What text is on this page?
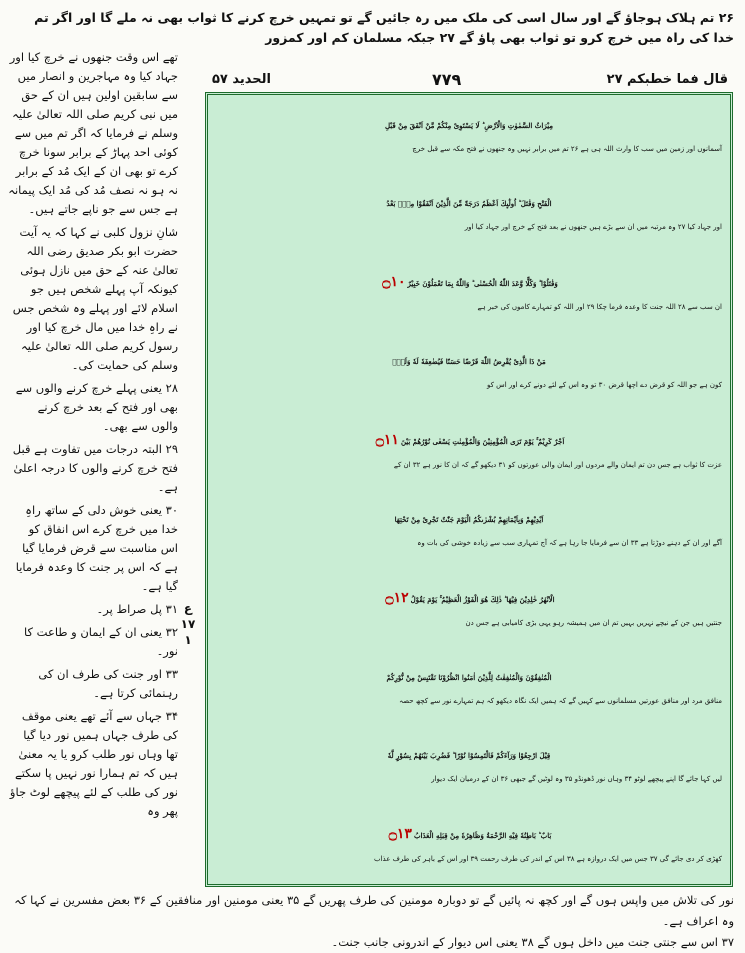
۲۶ تم ہلاک ہوجاؤ گے اور سال اسی کی ملک میں رہ جائیں گے تو تمہیں خرچ کرنے کا ثواب بھی نہ ملے گا اور اگر تم خدا کی راہ میں خرچ کرو تو ثواب بھی پاؤ گے ۲۷ جبکہ مسلمان کم اور کمزور
الحدید ۵۷	۷۷۹	قال فما خطبکم ۲۷

تھے اس وقت جنھوں نے خرچ کیا اور جہاد کیا وہ مہاجرین و انصار میں سے سابقین اولین ہیں ان کے حق میں نبی کریم صلی اللہ تعالیٰ علیہ وسلم نے فرمایا کہ اگر تم میں سے کوئی احد پہاڑ کے برابر سونا خرچ کرے تو بھی ان کے ایک مُد کے برابر نہ ہو نہ نصف مُد کی مُد ایک پیمانہ ہے جس سے جو ناپے جاتے ہیں۔

شانِ نزول کلبی نے کہا کہ یہ آیت حضرت ابو بکر صدیق رضی اللہ تعالیٰ عنہ کے حق میں نازل ہوئی کیونکہ آپ پہلے شخص ہیں جو اسلام لائے اور پہلے وہ شخص جس نے راہِ خدا میں مال خرچ کیا اور رسول کریم صلی اللہ تعالیٰ علیہ وسلم کی حمایت کی۔

۲۸ یعنی پہلے خرچ کرنے والوں سے بھی اور فتح کے بعد خرچ کرنے والوں سے بھی۔

۲۹ البتہ درجات میں تفاوت ہے قبل فتح خرچ کرنے والوں کا درجہ اعلیٰ ہے۔

۳۰ یعنی خوش دلی کے ساتھ راہِ خدا میں خرچ کرے اس انفاق کو اس مناسبت سے قرض فرمایا گیا ہے کہ اس پر جنت کا وعدہ فرمایا گیا ہے۔

۳۱ پل صراط پر۔

۳۲ یعنی ان کے ایمان و طاعت کا نور۔

۳۳ اور جنت کی طرف ان کی رہنمائی کرتا ہے۔

۳۴ جہاں سے آئے تھے یعنی موقف کی طرف جہاں ہمیں نور دیا گیا تھا وہاں نور طلب کرو یا یہ معنیٰ ہیں کہ تم ہمارا نور نہیں پا سکتے نور کی طلب کے لئے پیچھے لوٹ جاؤ پھر وہ

ع
۱۷
۱

مِیْرَاثُ السَّمٰوٰتِ وَالْاَرْضِ ؕ لَا یَسْتَوِیْ مِنْكُمْ مَّنْ اَنْفَقَ مِنْ قَبْلِ

آسمانوں اور زمین میں سب کا وارث اللہ ہی ہے ۲۶ تم میں برابر نہیں وہ جنھوں نے فتح مکہ سے قبل خرچ

الْفَتْحِ وَقٰتَلَ ؕ اُولٰٓىِٕكَ اَعْظَمُ دَرَجَةً مِّنَ الَّذِیْنَ اَنْفَقُوْا مِنْۢ بَعْدُ

اور جہاد کیا ۲۷ وہ مرتبہ میں ان سے بڑے ہیں جنھوں نے بعد فتح کے خرچ اور جہاد کیا اور

وَقٰتَلُوْا ؕ وَكُلًّا وَّعَدَ اللّٰهُ الْحُسْنٰى ؕ وَاللّٰهُ بِمَا تَعْمَلُوْنَ خَبِیْرٌ۝۱۰

ان سب سے ۲۸ اللہ جنت کا وعدہ فرما چکا ۲۹ اور اللہ کو تمہارے کاموں کی خبر ہے

مَنْ ذَا الَّذِیْ یُقْرِضُ اللّٰهَ قَرْضًا حَسَنًا فَیُضٰعِفَهٗ لَهٗ وَلَهٗۤ

کون ہے جو اللہ کو قرض دے اچھا قرض ۳۰ تو وہ اس کے لئے دونے کرے اور اس کو

اَجْرٌ كَرِیْمٌ ۚ یَوْمَ تَرَى الْمُؤْمِنِیْنَ وَالْمُؤْمِنٰتِ یَسْعٰى نُوْرُهُمْ بَیْنَ۝۱۱

عزت کا ثواب ہے جس دن تم ایمان والے مردوں اور ایمان والی عورتوں کو ۳۱ دیکھو گے کہ ان کا نور ہے ۳۲ ان کے

اَیْدِیْهِمْ وَبِاَیْمَانِهِمْ بُشْرٰىكُمُ الْیَوْمَ جَنّٰتٌ تَجْرِیْ مِنْ تَحْتِهَا

آگے اور ان کے دہنے دوڑتا ہے ۳۳ ان سے فرمایا جا رہا ہے کہ آج تمہاری سب سے زیادہ خوشی کی بات وہ

الْاَنْهٰرُ خٰلِدِیْنَ فِیْهَا ؕ ذٰلِكَ هُوَ الْفَوْزُ الْعَظِیْمُ ۚ یَوْمَ یَقُوْلُ۝۱۲

جنتیں ہیں جن کے نیچے نہریں بہیں تم ان میں ہمیشہ رہو یہی بڑی کامیابی ہے جس دن

الْمُنٰفِقُوْنَ وَالْمُنٰفِقٰتُ لِلَّذِیْنَ اٰمَنُوا انْظُرُوْنَا نَقْتَبِسْ مِنْ نُّوْرِكُمْ

منافق مرد اور منافق عورتیں مسلمانوں سے کہیں گے کہ ہمیں ایک نگاہ دیکھو کہ ہم تمہارے نور سے کچھ حصہ

قِیْلَ ارْجِعُوْا وَرَآءَكُمْ فَالْتَمِسُوْا نُوْرًا ؕ فَضُرِبَ بَیْنَهُمْ بِسُوْرٍ لَّهٗ

لیں کہا جائے گا اپنے پیچھے لوٹو ۳۴ وہاں نور ڈھونڈو ۳۵ وہ لوٹیں گے جبھی ۳۶ ان کے درمیان ایک دیوار

بَابٌ ؕ بَاطِنُهٗ فِیْهِ الرَّحْمَةُ وَظَاهِرُهٗ مِنْ قِبَلِهِ الْعَذَابُ۝۱۳

کھڑی کر دی جائے گی ۳۷ جس میں ایک دروازہ ہے ۳۸ اس کے اندر کی طرف رحمت ۳۹ اور اس کے باہر کی طرف عذاب

نور کی تلاش میں واپس ہوں گے اور کچھ نہ پائیں گے تو دوبارہ مومنین کی طرف پھریں گے ۳۵ یعنی مومنین اور منافقین کے ۳۶ بعض مفسرین نے کہا کہ وہ اعراف ہے۔

۳۷ اس سے جنتی جنت میں داخل ہوں گے ۳۸ یعنی اس دیوار کے اندرونی جانب جنت۔
